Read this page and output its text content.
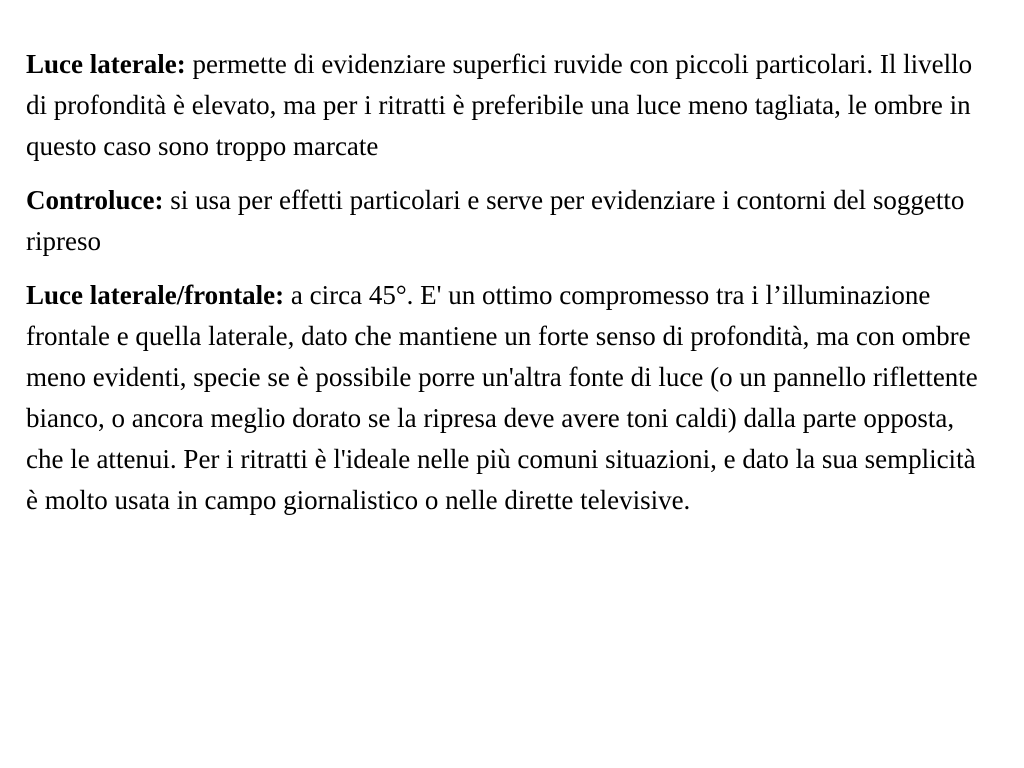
Luce laterale: permette di evidenziare superfici ruvide con piccoli particolari. Il livello di profondità è elevato, ma per i ritratti è preferibile una luce meno tagliata, le ombre in questo caso sono troppo marcate

Controluce: si usa per effetti particolari e serve per evidenziare i contorni del soggetto ripreso

Luce laterale/frontale: a circa 45°. E' un ottimo compromesso tra i l’illuminazione frontale e quella laterale, dato che mantiene un forte senso di profondità, ma con ombre meno evidenti, specie se è possibile porre un'altra fonte di luce (o un pannello riflettente bianco, o ancora meglio dorato se la ripresa deve avere toni caldi) dalla parte opposta, che le attenui. Per i ritratti è l'ideale nelle più comuni situazioni, e dato la sua semplicità è molto usata in campo giornalistico o nelle dirette televisive.
